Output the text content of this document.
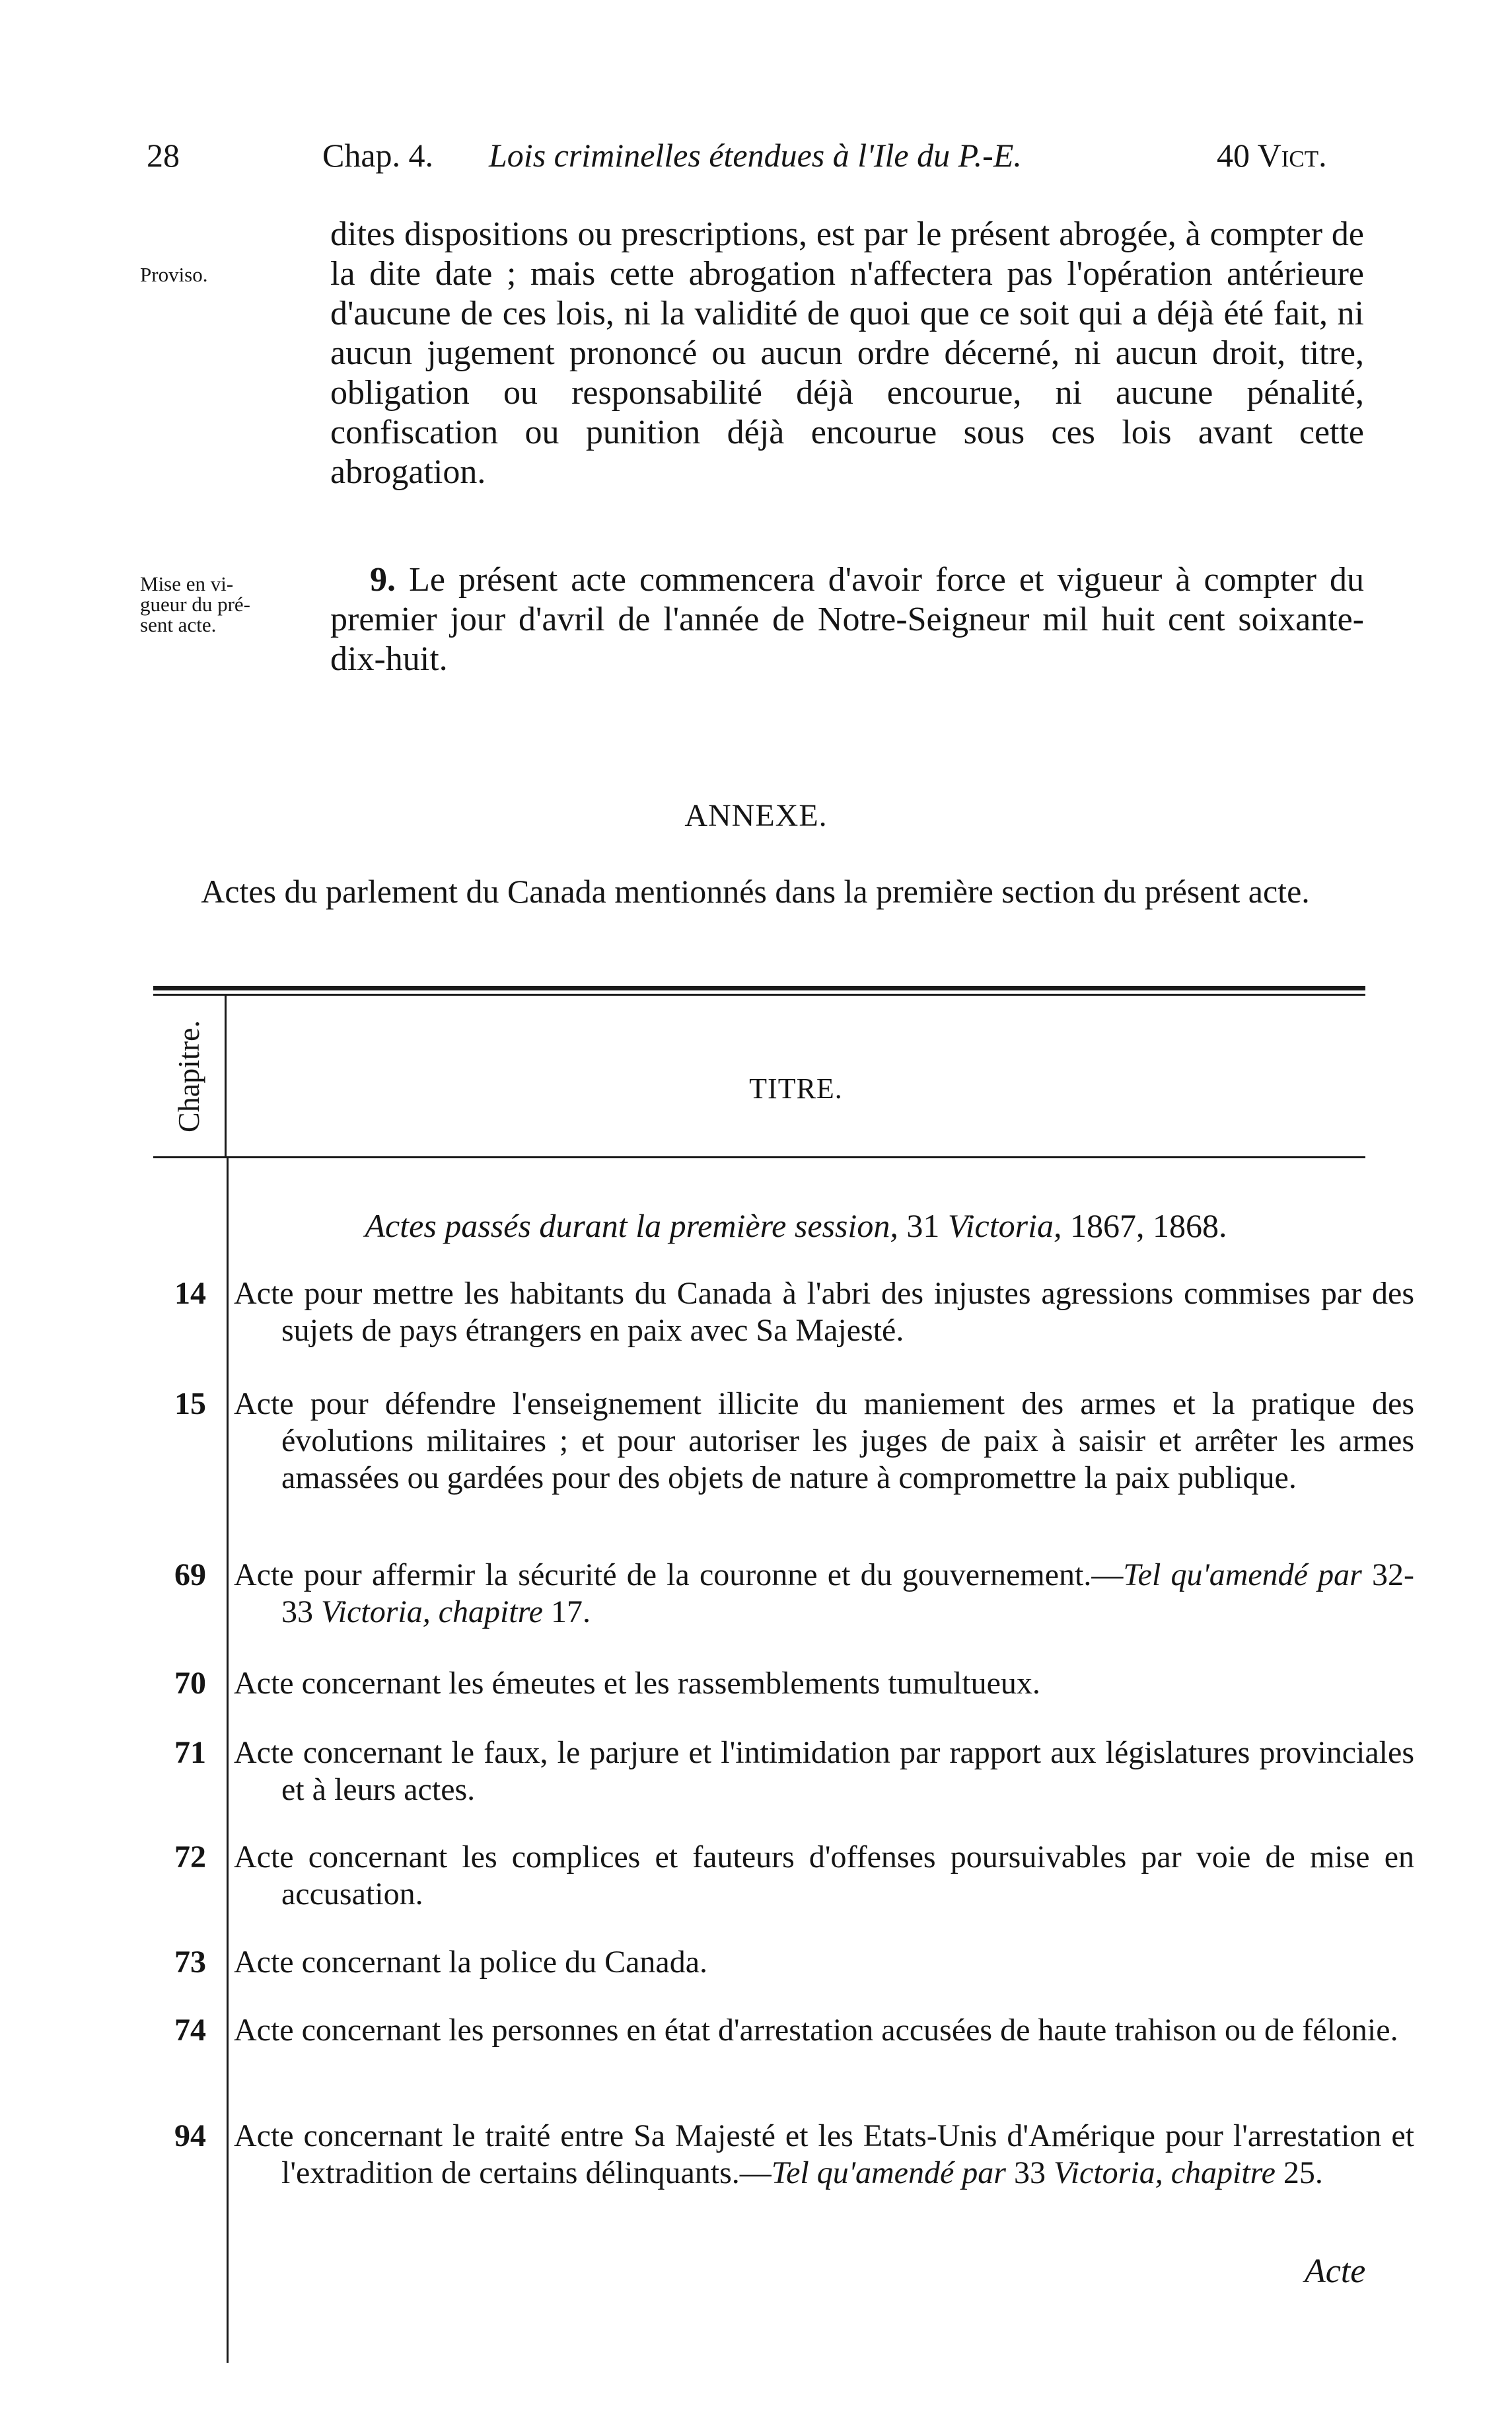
28	Chap. 4. Lois criminelles étendues à l'Ile du P.-E.	40 Vict.
Proviso.
Mise en vi-
gueur du pré-
sent acte.
dites dispositions ou prescriptions, est par le présent abrogée, à compter de la dite date ; mais cette abrogation n'affectera pas l'opération antérieure d'aucune de ces lois, ni la validité de quoi que ce soit qui a déjà été fait, ni aucun jugement prononcé ou aucun ordre décerné, ni aucun droit, titre, obligation ou responsabilité déjà encourue, ni aucune pénalité, confiscation ou punition déjà encourue sous ces lois avant cette abrogation.
9. Le présent acte commencera d'avoir force et vigueur à compter du premier jour d'avril de l'année de Notre-Seigneur mil huit cent soixante-dix-huit.
ANNEXE.
Actes du parlement du Canada mentionnés dans la première section du présent acte.
Chapitre.	TITRE.
Actes passés durant la première session, 31 Victoria, 1867, 1868.
14 Acte pour mettre les habitants du Canada à l'abri des injustes agressions commises par des sujets de pays étrangers en paix avec Sa Majesté.
15 Acte pour défendre l'enseignement illicite du maniement des armes et la pratique des évolutions militaires ; et pour autoriser les juges de paix à saisir et arrêter les armes amassées ou gardées pour des objets de nature à compromettre la paix publique.
69 Acte pour affermir la sécurité de la couronne et du gouvernement.—Tel qu'amendé par 32-33 Victoria, chapitre 17.
70 Acte concernant les émeutes et les rassemblements tumultueux.
71 Acte concernant le faux, le parjure et l'intimidation par rapport aux législatures provinciales et à leurs actes.
72 Acte concernant les complices et fauteurs d'offenses poursuivables par voie de mise en accusation.
73 Acte concernant la police du Canada.
74 Acte concernant les personnes en état d'arrestation accusées de haute trahison ou de félonie.
94 Acte concernant le traité entre Sa Majesté et les Etats-Unis d'Amérique pour l'arrestation et l'extradition de certains délinquants.—Tel qu'amendé par 33 Victoria, chapitre 25.
Acte
